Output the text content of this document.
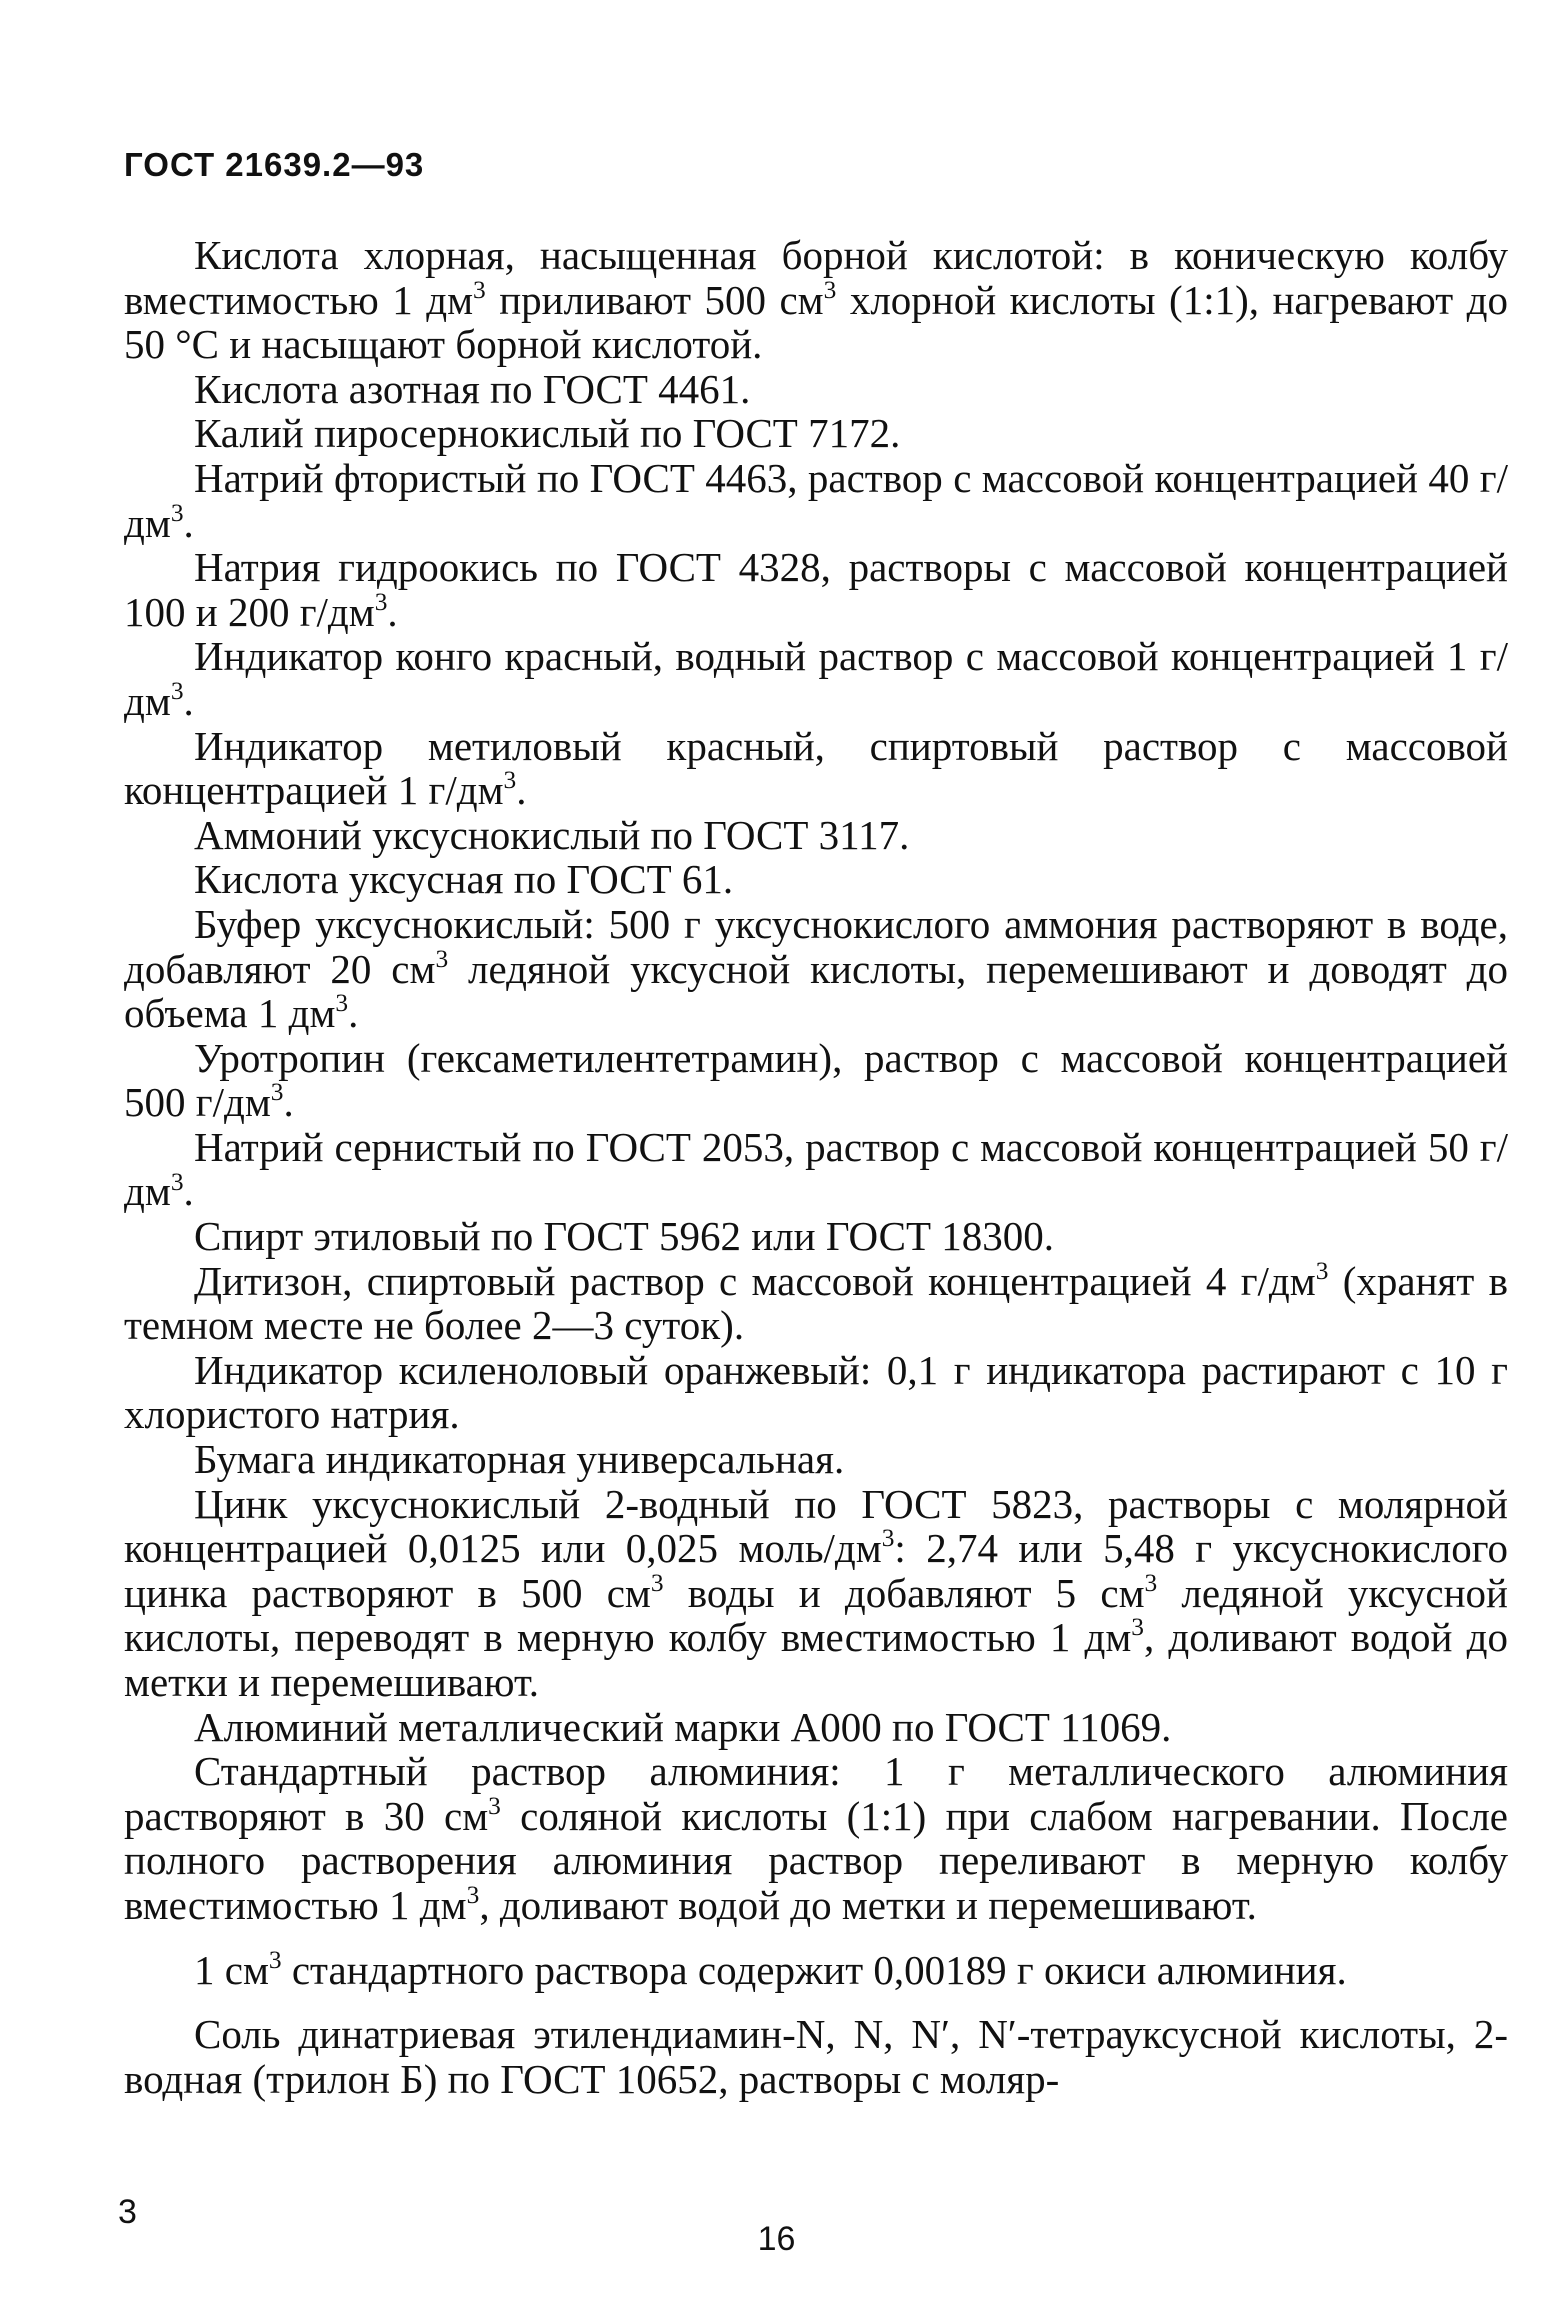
ГОСТ 21639.2—93

Кислота хлорная, насыщенная борной кислотой: в коническую колбу вместимостью 1 $дм^3$ приливают 500 $см^3$ хлорной кислоты (1:1), нагревают до 50 °С и насыщают борной кислотой.

Кислота азотная по ГОСТ 4461.

Калий пиросернокислый по ГОСТ 7172.

Натрий фтористый по ГОСТ 4463, раствор с массовой концентрацией 40 $г/дм^3$.

Натрия гидроокись по ГОСТ 4328, растворы с массовой концентрацией 100 и 200 $г/дм^3$.

Индикатор конго красный, водный раствор с массовой концентрацией 1 $г/дм^3$.

Индикатор метиловый красный, спиртовый раствор с массовой концентрацией 1 $г/дм^3$.

Аммоний уксуснокислый по ГОСТ 3117.

Кислота уксусная по ГОСТ 61.

Буфер уксуснокислый: 500 г уксуснокислого аммония растворяют в воде, добавляют 20 $см^3$ ледяной уксусной кислоты, перемешивают и доводят до объема 1 $дм^3$.

Уротропин (гексаметилентетрамин), раствор с массовой концентрацией 500 $г/дм^3$.

Натрий сернистый по ГОСТ 2053, раствор с массовой концентрацией 50 $г/дм^3$.

Спирт этиловый по ГОСТ 5962 или ГОСТ 18300.

Дитизон, спиртовый раствор с массовой концентрацией 4 $г/дм^3$ (хранят в темном месте не более 2—3 суток).

Индикатор ксиленоловый оранжевый: 0,1 г индикатора растирают с 10 г хлористого натрия.

Бумага индикаторная универсальная.

Цинк уксуснокислый 2-водный по ГОСТ 5823, растворы с молярной концентрацией 0,0125 или 0,025 моль/$дм^3$: 2,74 или 5,48 г уксуснокислого цинка растворяют в 500 $см^3$ воды и добавляют 5 $см^3$ ледяной уксусной кислоты, переводят в мерную колбу вместимостью 1 $дм^3$, доливают водой до метки и перемешивают.

Алюминий металлический марки А000 по ГОСТ 11069.

Стандартный раствор алюминия: 1 г металлического алюминия растворяют в 30 $см^3$ соляной кислоты (1:1) при слабом нагревании. После полного растворения алюминия раствор переливают в мерную колбу вместимостью 1 $дм^3$, доливают водой до метки и перемешивают.

1 $см^3$ стандартного раствора содержит 0,00189 г окиси алюминия.

Соль динатриевая этилендиамин-N, N, N′, N′-тетрауксусной кислоты, 2-водная (трилон Б) по ГОСТ 10652, растворы с моляр-

3
16
